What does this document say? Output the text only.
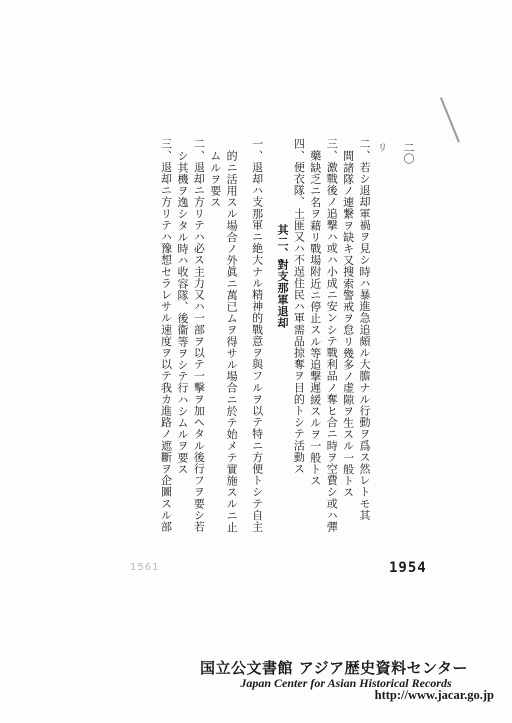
リ 二〇
二、若シ退却軍禍ヲ見シ時ハ暴進急追頗ル大膽ナル行動ヲ爲ス然レトモ其
間諸隊ノ連繋ヲ缺キ又搜索警戒ヲ怠リ幾多ノ虚隙ヲ生スル一般トス
三、激戰後ノ追撃ハ或ハ小成ニ安ンシテ戰利品ノ奪ヒ合ニ時ヲ空費シ或ハ彈
藥缺乏ニ名ヲ藉リ戰場附近ニ停止スル等追撃遲緩スルヲ一般トス
四、便衣隊、土匪又ハ不逞住民ハ軍需品掠奪ヲ目的トシテ活動ス
其二、對支那軍退却
一、退却ハ支那軍ニ絶大ナル精神的戰意ヲ與フルヲ以テ特ニ方便トシテ自主
的ニ活用スル場合ノ外眞ニ萬已ムヲ得サル場合ニ於テ始メテ實施スルニ止
ムルヲ要ス
二、退却ニ方リテハ必ス主力又ハ一部ヲ以テ一撃ヲ加ヘタル後行フヲ要シ若
シ其機ヲ逸シタル時ハ收容隊、後衞等ヲシテ行ハシムルヲ要ス
三、退却ニ方リテハ豫想セラレサル速度ヲ以テ我カ進路ノ遮斷ヲ企圖スル部
1561	1954
国立公文書館 アジア歴史資料センター
Japan Center for Asian Historical Records
http://www.jacar.go.jp
